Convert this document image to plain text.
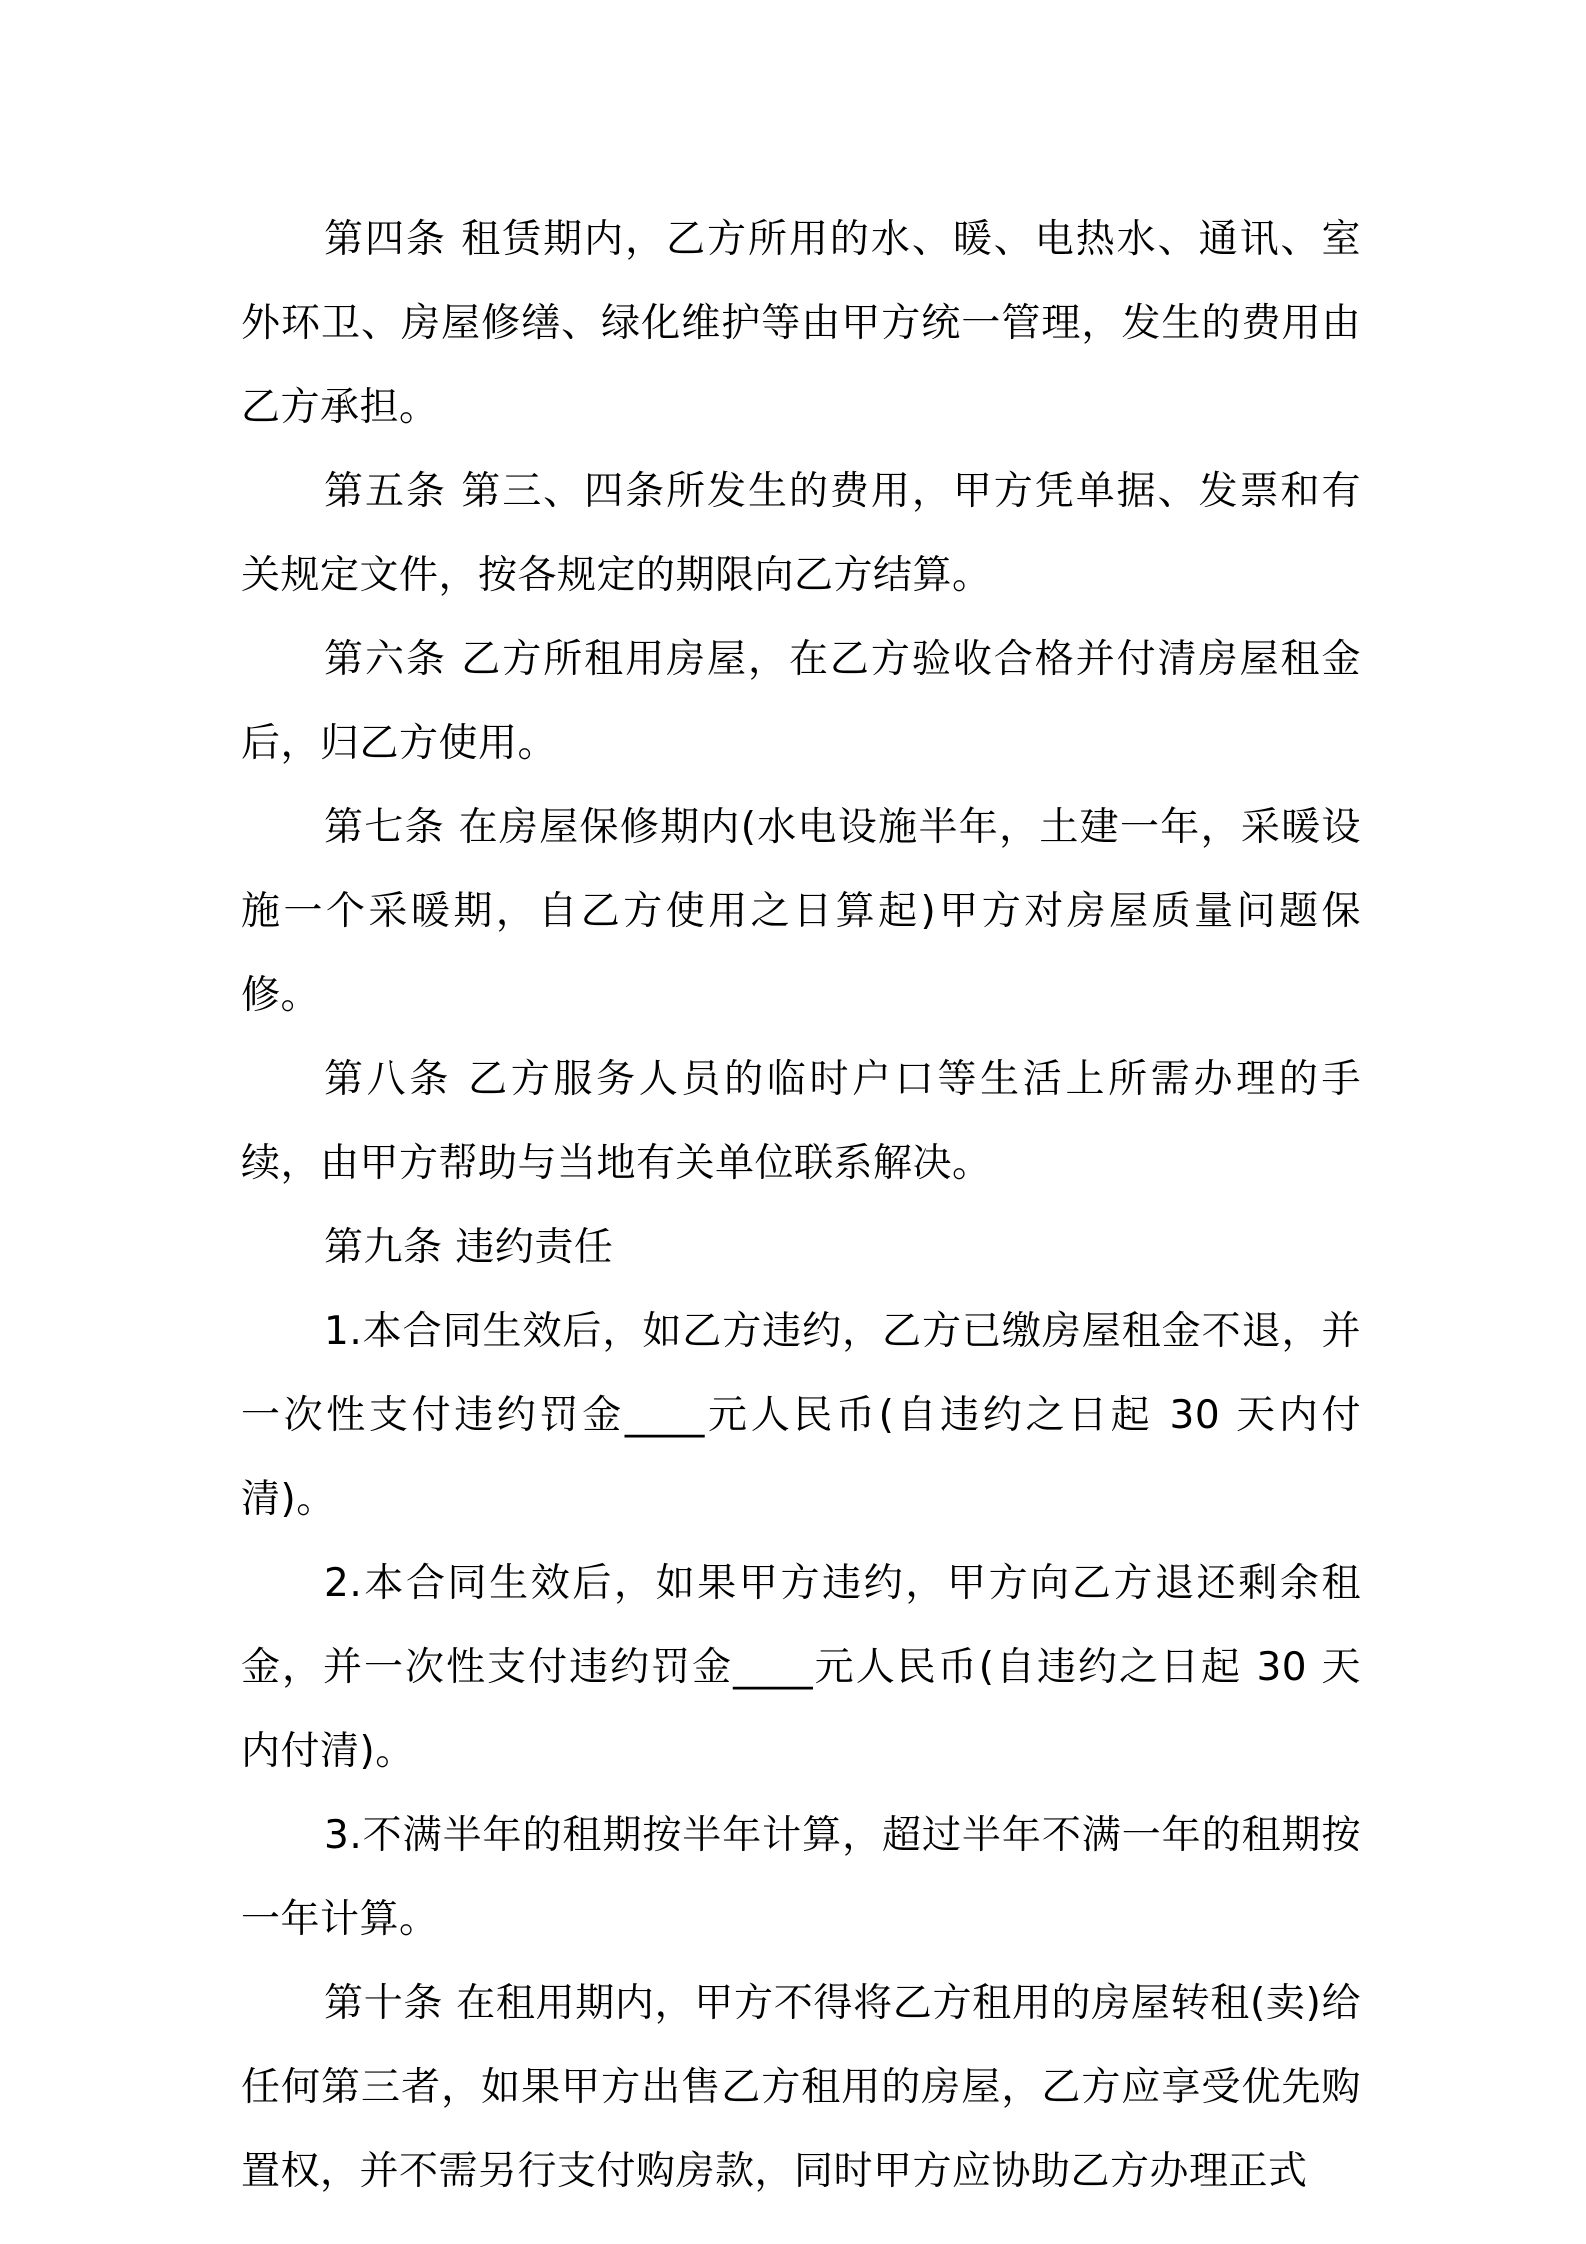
第四条 租赁期内，乙方所用的水、暖、电热水、通讯、室外环卫、房屋修缮、绿化维护等由甲方统一管理，发生的费用由乙方承担。

第五条 第三、四条所发生的费用，甲方凭单据、发票和有关规定文件，按各规定的期限向乙方结算。

第六条 乙方所租用房屋，在乙方验收合格并付清房屋租金后，归乙方使用。

第七条 在房屋保修期内(水电设施半年，土建一年，采暖设施一个采暖期，自乙方使用之日算起)甲方对房屋质量问题保修。

第八条 乙方服务人员的临时户口等生活上所需办理的手续，由甲方帮助与当地有关单位联系解决。

第九条 违约责任

1.本合同生效后，如乙方违约，乙方已缴房屋租金不退，并一次性支付违约罚金____元人民币(自违约之日起 30 天内付清)。

2.本合同生效后，如果甲方违约，甲方向乙方退还剩余租金，并一次性支付违约罚金____元人民币(自违约之日起 30 天内付清)。

3.不满半年的租期按半年计算，超过半年不满一年的租期按一年计算。

第十条 在租用期内，甲方不得将乙方租用的房屋转租(卖)给任何第三者，如果甲方出售乙方租用的房屋，乙方应享受优先购置权，并不需另行支付购房款，同时甲方应协助乙方办理正式
